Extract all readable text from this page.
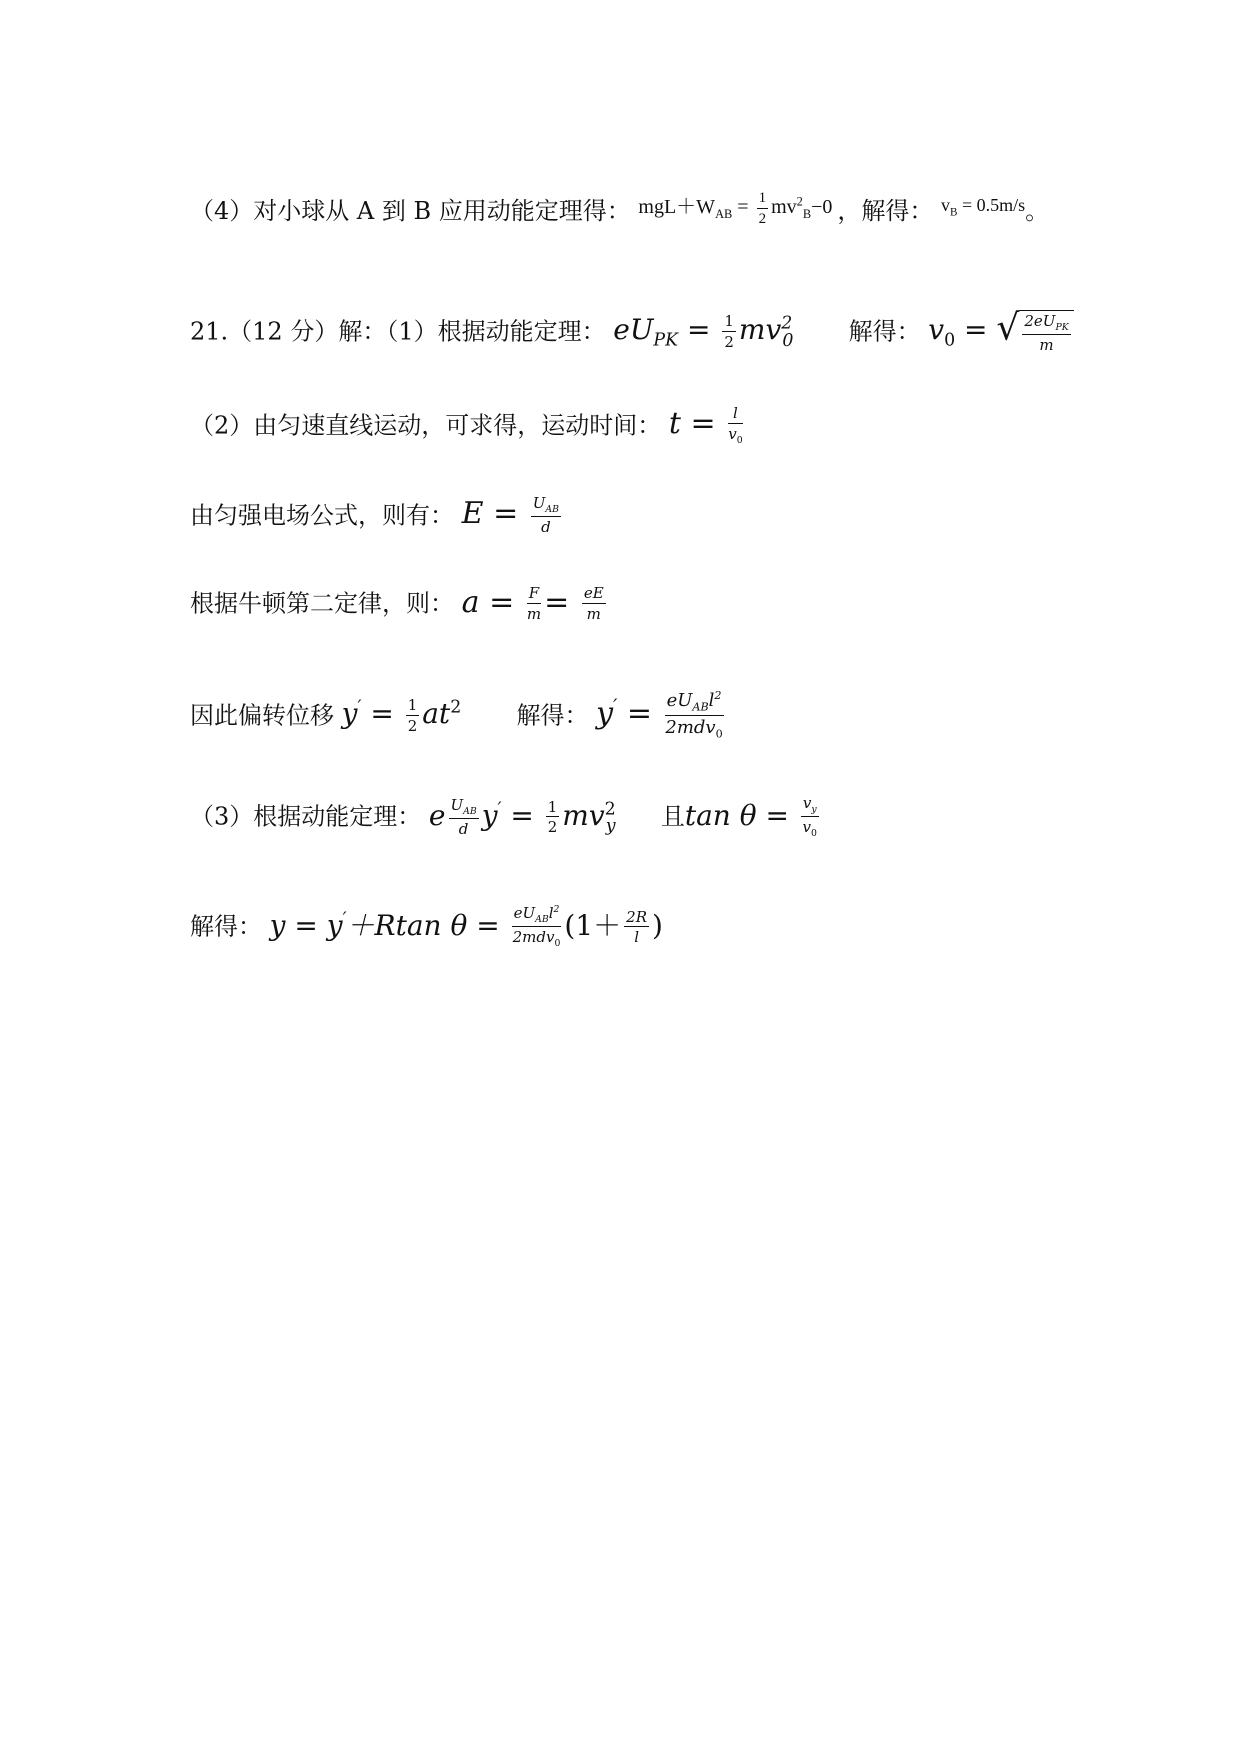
（4）对小球从 A 到 B 应用动能定理得： $^{mgL+W_{AB} = \frac{1}{2} mv^2_B-0}$ ，解得： $^{v_B = 0.5m/s}$。
21.（12 分）解：（1）根据动能定理： $eU_{PK} = \frac{1}{2} mv^2_0$ 解得： $v_0$ = √ $\frac{2eU_{PK}}{m}$
（2）由匀速直线运动，可求得，运动时间： $t = \frac{l}{v_0}$
由匀强电场公式，则有： $E = \frac{U_{AB}}{d}$
根据牛顿第二定律，则： $a = \frac{F}{m} = \frac{eE}{m}$
因此偏转位移 $y' = \frac{1}{2} at^2$ 解得： $y' = \frac{eU_{AB}l^2}{2mdv_0}$
（3）根据动能定理： e $\frac{U_{AB}}{d} y' = \frac{1}{2} mv^2_y$ 且$\tan \theta = \frac{v_y}{v_0}$
解得： y = y′＋Rtan $\theta = \frac{eU_{AB}l^2}{2mdv_0} (1+ \frac{2R}{l}$ )
